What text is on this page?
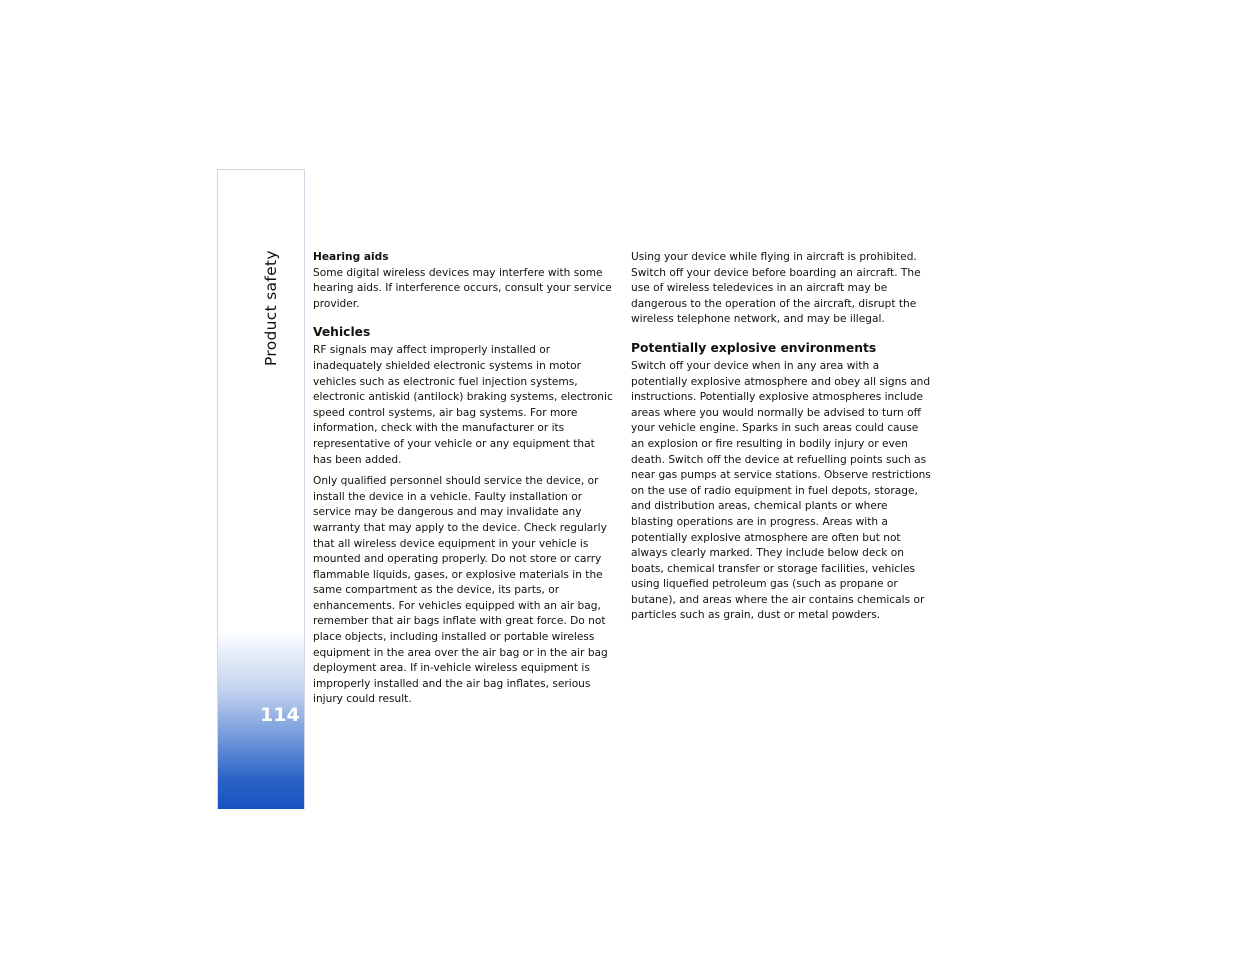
Product safety
114
Hearing aids

Some digital wireless devices may interfere with some hearing aids. If interference occurs, consult your service provider.

Vehicles

RF signals may affect improperly installed or inadequately shielded electronic systems in motor vehicles such as electronic fuel injection systems, electronic antiskid (antilock) braking systems, electronic speed control systems, air bag systems. For more information, check with the manufacturer or its representative of your vehicle or any equipment that has been added.

Only qualified personnel should service the device, or install the device in a vehicle. Faulty installation or service may be dangerous and may invalidate any warranty that may apply to the device. Check regularly that all wireless device equipment in your vehicle is mounted and operating properly. Do not store or carry flammable liquids, gases, or explosive materials in the same compartment as the device, its parts, or enhancements. For vehicles equipped with an air bag, remember that air bags inflate with great force. Do not place objects, including installed or portable wireless equipment in the area over the air bag or in the air bag deployment area. If in-vehicle wireless equipment is improperly installed and the air bag inflates, serious injury could result.

Using your device while flying in aircraft is prohibited. Switch off your device before boarding an aircraft. The use of wireless teledevices in an aircraft may be dangerous to the operation of the aircraft, disrupt the wireless telephone network, and may be illegal.

Potentially explosive environments

Switch off your device when in any area with a potentially explosive atmosphere and obey all signs and instructions. Potentially explosive atmospheres include areas where you would normally be advised to turn off your vehicle engine. Sparks in such areas could cause an explosion or fire resulting in bodily injury or even death. Switch off the device at refuelling points such as near gas pumps at service stations. Observe restrictions on the use of radio equipment in fuel depots, storage, and distribution areas, chemical plants or where blasting operations are in progress. Areas with a potentially explosive atmosphere are often but not always clearly marked. They include below deck on boats, chemical transfer or storage facilities, vehicles using liquefied petroleum gas (such as propane or butane), and areas where the air contains chemicals or particles such as grain, dust or metal powders.
